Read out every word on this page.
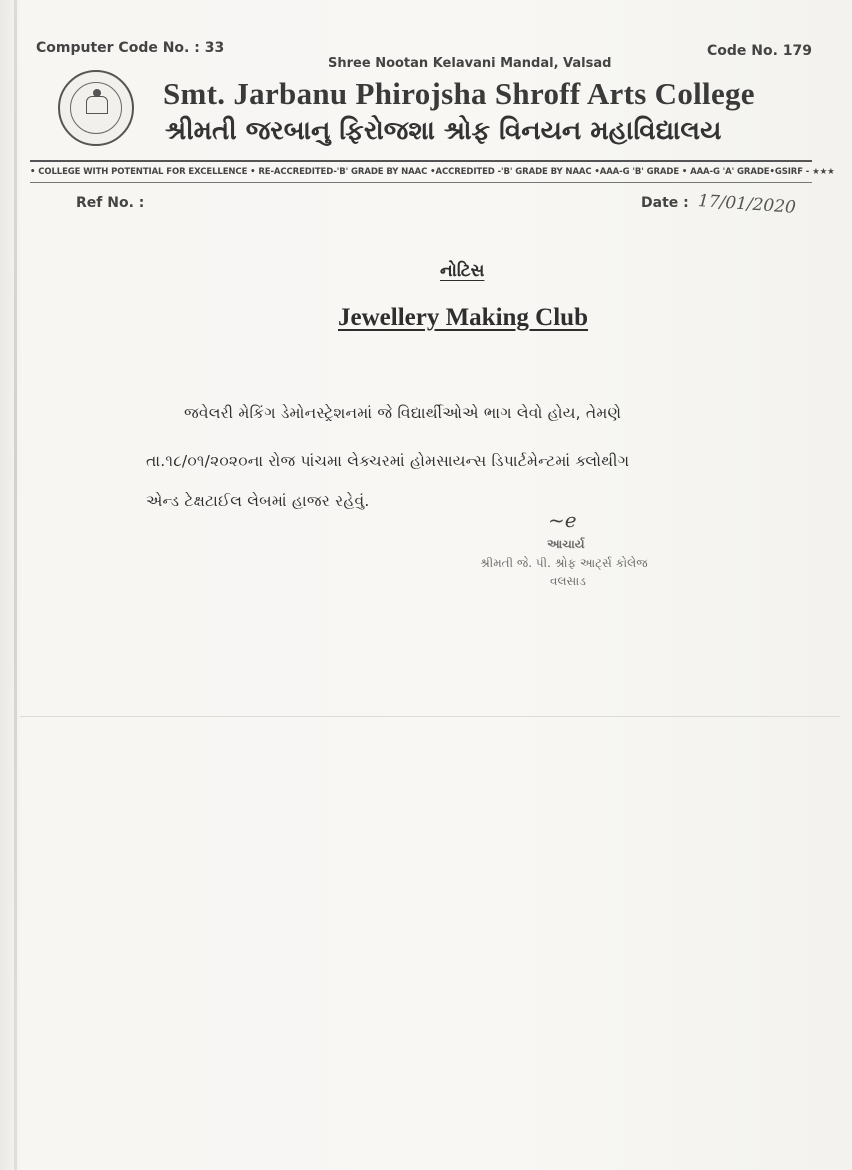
Computer Code No. : 33	Code No. 179
Shree Nootan Kelavani Mandal, Valsad
Smt. Jarbanu Phirojsha Shroff Arts College
શ્રીમતી જરબાનુ ફિરોજશા શ્રોફ વિનયન મહાવિદ્યાલય
• COLLEGE WITH POTENTIAL FOR EXCELLENCE • RE-ACCREDITED-'B' GRADE BY NAAC •ACCREDITED -'B' GRADE BY NAAC •AAA-G 'B' GRADE • AAA-G 'A' GRADE•GSIRF - ★★★
Ref No. :	Date : 17/01/2020
નોટિસ
Jewellery Making Club
જવેલરી મેકિંગ ડેમોનસ્ટ્રેશનમાં જે વિદ્યાર્થીઓએ ભાગ લેવો હોય, તેમણે
તા.૧૮/૦૧/૨૦૨૦ના રોજ પાંચમા લેક્ચરમાં હોમસાયન્સ ડિપાર્ટમેન્ટમાં ક્લોથીગ
એન્ડ ટેક્ષટાઈલ લેબમાં હાજર રહેવું.
~e
આચાર્ય
શ્રીમતી જે. પી. શ્રોફ આર્ટ્સ કોલેજ
વલસાડ
